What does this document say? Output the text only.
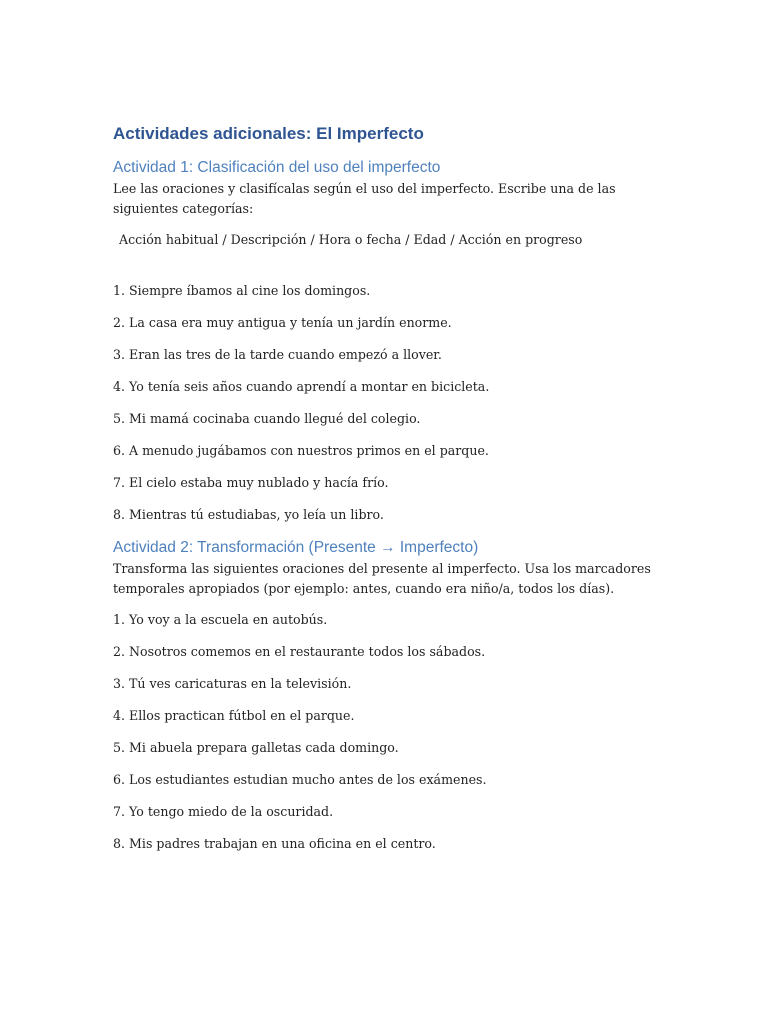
Actividades adicionales: El Imperfecto
Actividad 1: Clasificación del uso del imperfecto

Lee las oraciones y clasifícalas según el uso del imperfecto. Escribe una de las siguientes categorías:

Acción habitual / Descripción / Hora o fecha / Edad / Acción en progreso

1. Siempre íbamos al cine los domingos.

2. La casa era muy antigua y tenía un jardín enorme.

3. Eran las tres de la tarde cuando empezó a llover.

4. Yo tenía seis años cuando aprendí a montar en bicicleta.

5. Mi mamá cocinaba cuando llegué del colegio.

6. A menudo jugábamos con nuestros primos en el parque.

7. El cielo estaba muy nublado y hacía frío.

8. Mientras tú estudiabas, yo leía un libro.

Actividad 2: Transformación (Presente → Imperfecto)

Transforma las siguientes oraciones del presente al imperfecto. Usa los marcadores temporales apropiados (por ejemplo: antes, cuando era niño/a, todos los días).

1. Yo voy a la escuela en autobús.

2. Nosotros comemos en el restaurante todos los sábados.

3. Tú ves caricaturas en la televisión.

4. Ellos practican fútbol en el parque.

5. Mi abuela prepara galletas cada domingo.

6. Los estudiantes estudian mucho antes de los exámenes.

7. Yo tengo miedo de la oscuridad.

8. Mis padres trabajan en una oficina en el centro.
